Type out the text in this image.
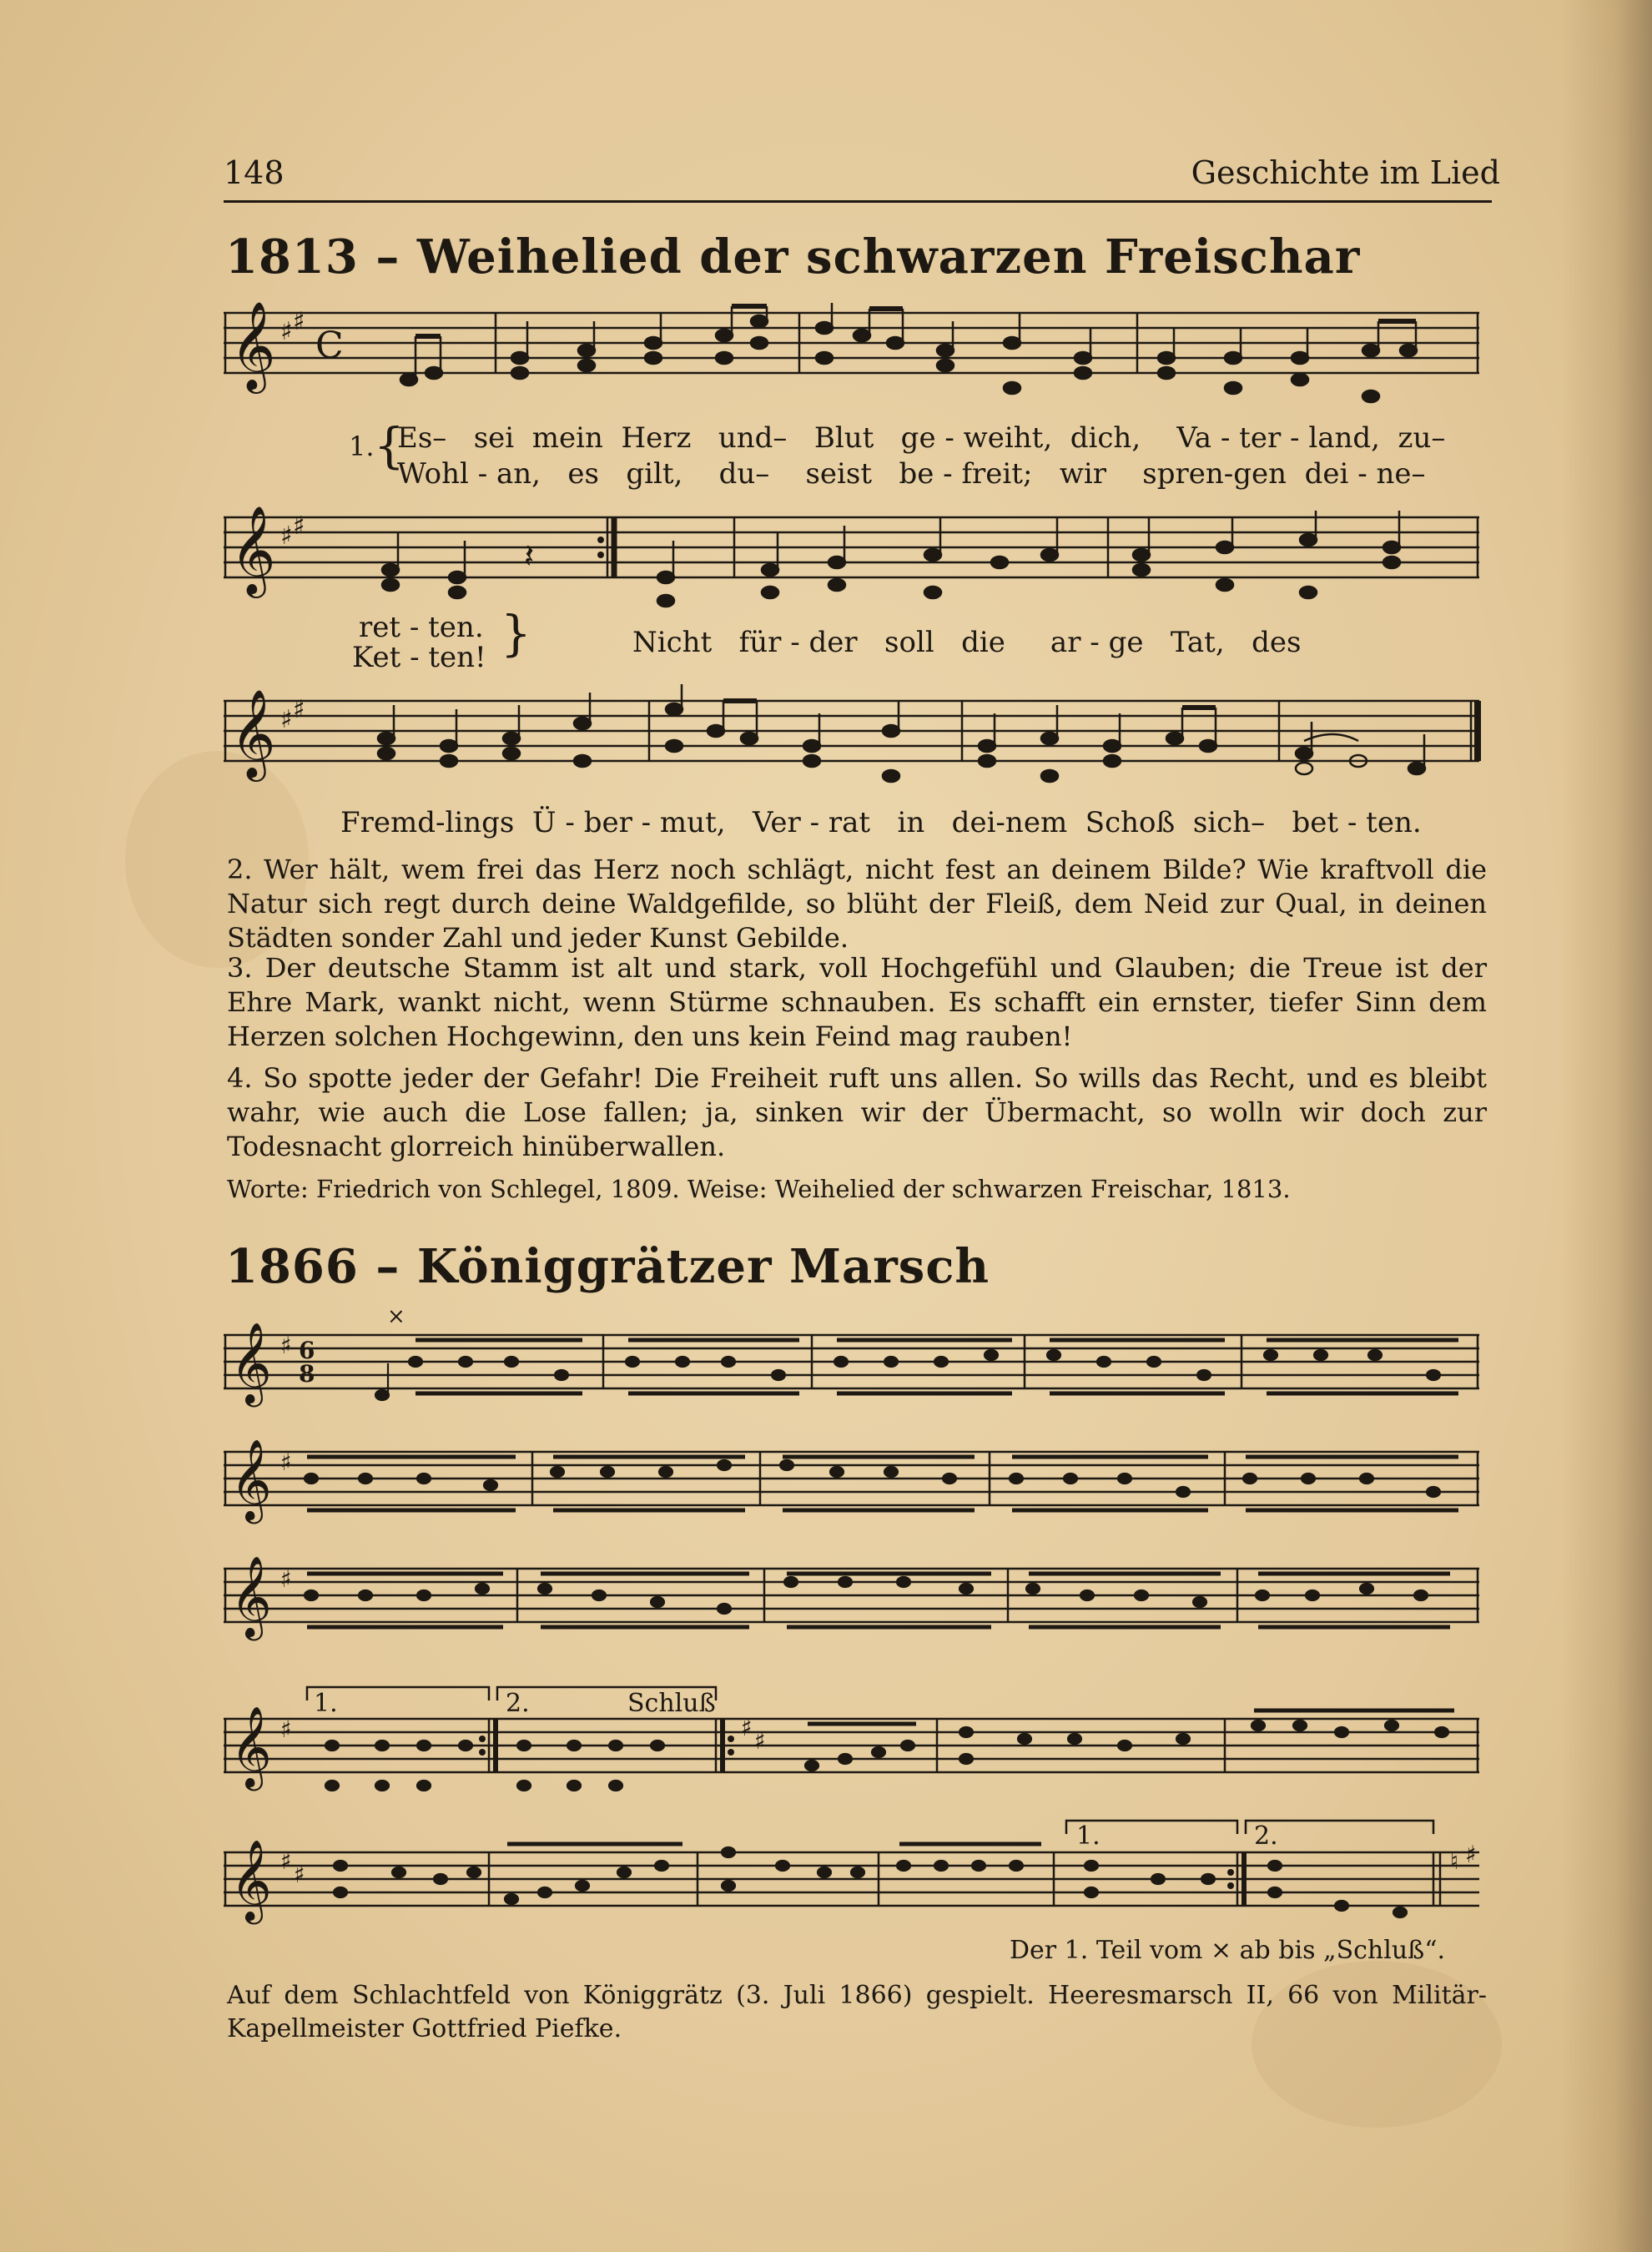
148	Geschichte im Lied
1813 – Weihelied der schwarzen Freischar
𝄞 ♯ ♯
C
1. {
Es–   sei  mein  Herz   und–   Blut   ge - weiht,  dich,    Va - ter - land,  zu–
Wohl - an,   es   gilt,    du–    seist   be - freit;   wir    spren-gen  dei - ne–
𝄞 ♯ ♯
𝄽
ret - ten.
Ket - ten! }	Nicht   für - der   soll   die     ar - ge   Tat,   des
𝄞 ♯ ♯
Fremd-lings  Ü - ber - mut,   Ver - rat   in   dei-nem  Schoß  sich–   bet - ten.
2. Wer hält, wem frei das Herz noch schlägt, nicht fest an deinem Bilde? Wie kraftvoll die Natur sich regt durch deine Waldgefilde, so blüht der Fleiß, dem Neid zur Qual, in deinen Städten sonder Zahl und jeder Kunst Gebilde.
3. Der deutsche Stamm ist alt und stark, voll Hochgefühl und Glauben; die Treue ist der Ehre Mark, wankt nicht, wenn Stürme schnauben. Es schafft ein ernster, tiefer Sinn dem Herzen solchen Hochgewinn, den uns kein Feind mag rauben!
4. So spotte jeder der Gefahr! Die Freiheit ruft uns allen. So wills das Recht, und es bleibt wahr, wie auch die Lose fallen; ja, sinken wir der Übermacht, so wolln wir doch zur Todesnacht glorreich hinüberwallen.
Worte: Friedrich von Schlegel, 1809. Weise: Weihelied der schwarzen Freischar, 1813.
1866 – Königgrätzer Marsch
𝄞 ♯ 6
8
×
𝄞 ♯
𝄞 ♯
𝄞 ♯	♯ ♯
1.	2.	Schluß
𝄞 ♯ ♯	♮ ♯
1.	2.
Der 1. Teil vom × ab bis „Schluß“.
Auf dem Schlachtfeld von Königgrätz (3. Juli 1866) gespielt. Heeresmarsch II, 66 von Militär-Kapellmeister Gottfried Piefke.
